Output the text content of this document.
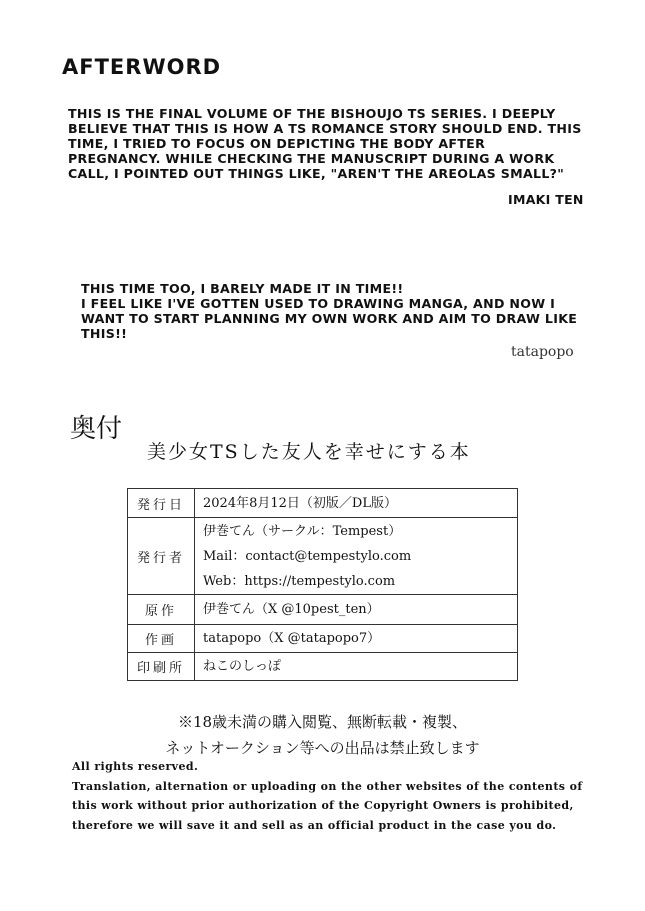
AFTERWORD
THIS IS THE FINAL VOLUME OF THE BISHOUJO TS SERIES. I DEEPLY
BELIEVE THAT THIS IS HOW A TS ROMANCE STORY SHOULD END. THIS
TIME, I TRIED TO FOCUS ON DEPICTING THE BODY AFTER
PREGNANCY. WHILE CHECKING THE MANUSCRIPT DURING A WORK
CALL, I POINTED OUT THINGS LIKE, "AREN'T THE AREOLAS SMALL?"
IMAKI TEN
THIS TIME TOO, I BARELY MADE IT IN TIME!!
I FEEL LIKE I'VE GOTTEN USED TO DRAWING MANGA, AND NOW I
WANT TO START PLANNING MY OWN WORK AND AIM TO DRAW LIKE
THIS!!
tatapopo
奥付
美少女TSした友人を幸せにする本
発行日	2024年8月12日（初版／DL版）

発行者	伊巻てん（サークル：Tempest）
Mail：contact@tempestylo.com
Web：https://tempestylo.com

原作	伊巻てん（X @10pest_ten）

作画	tatapopo（X @tatapopo7）

印刷所	ねこのしっぽ
※18歳未満の購入閲覧、無断転載・複製、
ネットオークション等への出品は禁止致します
All rights reserved.
Translation, alternation or uploading on the other websites of the contents of
this work without prior authorization of the Copyright Owners is prohibited,
therefore we will save it and sell as an official product in the case you do.
